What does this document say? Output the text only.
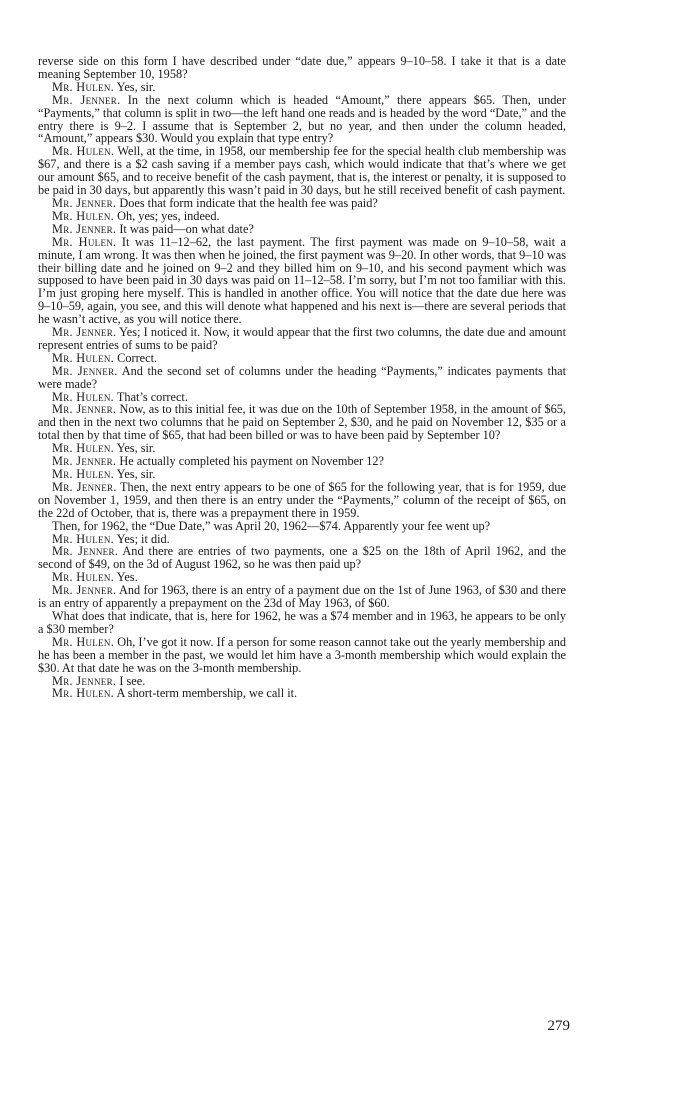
reverse side on this form I have described under “date due,” appears 9–10–58. I take it that is a date meaning September 10, 1958?

Mr. Hulen. Yes, sir.

Mr. Jenner. In the next column which is headed “Amount,” there appears $65. Then, under “Payments,” that column is split in two—the left hand one reads and is headed by the word “Date,” and the entry there is 9–2. I assume that is September 2, but no year, and then under the column headed, “Amount,” appears $30. Would you explain that type entry?

Mr. Hulen. Well, at the time, in 1958, our membership fee for the special health club membership was $67, and there is a $2 cash saving if a member pays cash, which would indicate that that’s where we get our amount $65, and to receive benefit of the cash payment, that is, the interest or penalty, it is supposed to be paid in 30 days, but apparently this wasn’t paid in 30 days, but he still received benefit of cash payment.

Mr. Jenner. Does that form indicate that the health fee was paid?

Mr. Hulen. Oh, yes; yes, indeed.

Mr. Jenner. It was paid—on what date?

Mr. Hulen. It was 11–12–62, the last payment. The first payment was made on 9–10–58, wait a minute, I am wrong. It was then when he joined, the first payment was 9–20. In other words, that 9–10 was their billing date and he joined on 9–2 and they billed him on 9–10, and his second payment which was supposed to have been paid in 30 days was paid on 11–12–58. I’m sorry, but I’m not too familiar with this. I’m just groping here myself. This is handled in another office. You will notice that the date due here was 9–10–59, again, you see, and this will denote what happened and his next is—there are several periods that he wasn’t active, as you will notice there.

Mr. Jenner. Yes; I noticed it. Now, it would appear that the first two columns, the date due and amount represent entries of sums to be paid?

Mr. Hulen. Correct.

Mr. Jenner. And the second set of columns under the heading “Payments,” indicates payments that were made?

Mr. Hulen. That’s correct.

Mr. Jenner. Now, as to this initial fee, it was due on the 10th of September 1958, in the amount of $65, and then in the next two columns that he paid on September 2, $30, and he paid on November 12, $35 or a total then by that time of $65, that had been billed or was to have been paid by September 10?

Mr. Hulen. Yes, sir.

Mr. Jenner. He actually completed his payment on November 12?

Mr. Hulen. Yes, sir.

Mr. Jenner. Then, the next entry appears to be one of $65 for the following year, that is for 1959, due on November 1, 1959, and then there is an entry under the “Payments,” column of the receipt of $65, on the 22d of October, that is, there was a prepayment there in 1959.

Then, for 1962, the “Due Date,” was April 20, 1962—$74. Apparently your fee went up?

Mr. Hulen. Yes; it did.

Mr. Jenner. And there are entries of two payments, one a $25 on the 18th of April 1962, and the second of $49, on the 3d of August 1962, so he was then paid up?

Mr. Hulen. Yes.

Mr. Jenner. And for 1963, there is an entry of a payment due on the 1st of June 1963, of $30 and there is an entry of apparently a prepayment on the 23d of May 1963, of $60.

What does that indicate, that is, here for 1962, he was a $74 member and in 1963, he appears to be only a $30 member?

Mr. Hulen. Oh, I’ve got it now. If a person for some reason cannot take out the yearly membership and he has been a member in the past, we would let him have a 3-month membership which would explain the $30. At that date he was on the 3-month membership.

Mr. Jenner. I see.

Mr. Hulen. A short-term membership, we call it.

279
